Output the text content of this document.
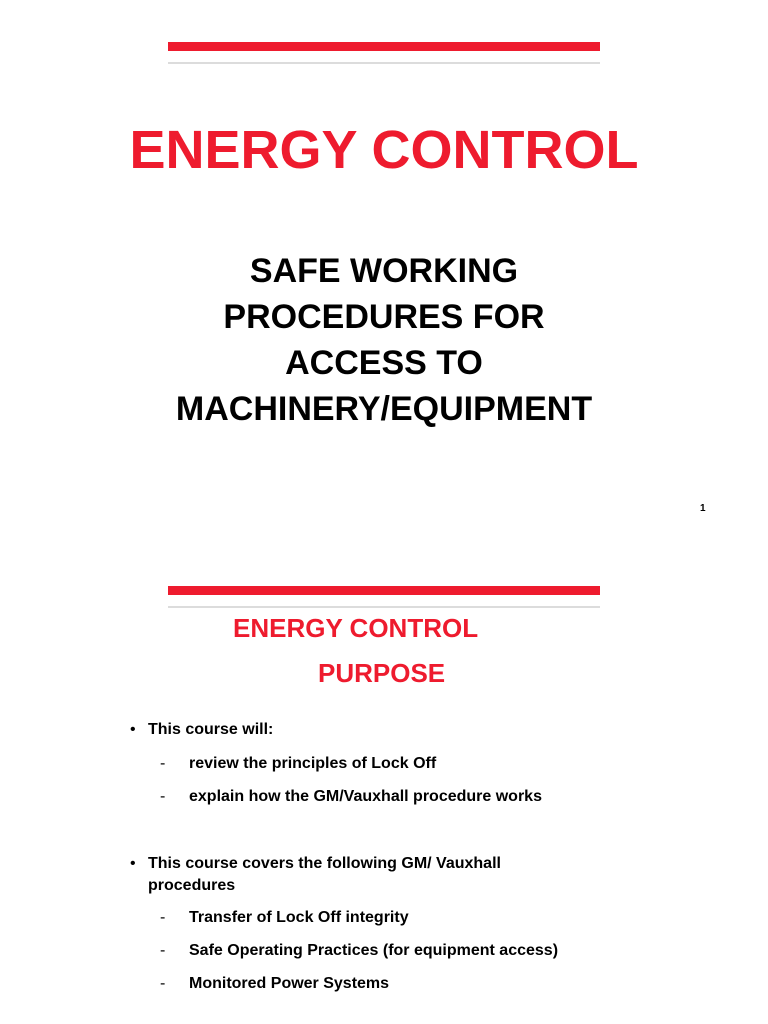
ENERGY CONTROL
SAFE WORKING
PROCEDURES FOR
ACCESS TO
MACHINERY/EQUIPMENT
1
ENERGY CONTROL
PURPOSE
• This course will:
- review the principles of Lock Off
- explain how the GM/Vauxhall procedure works
• This course covers the following GM/ Vauxhall
procedures
- Transfer of Lock Off integrity
- Safe Operating Practices (for equipment access)
- Monitored Power Systems
